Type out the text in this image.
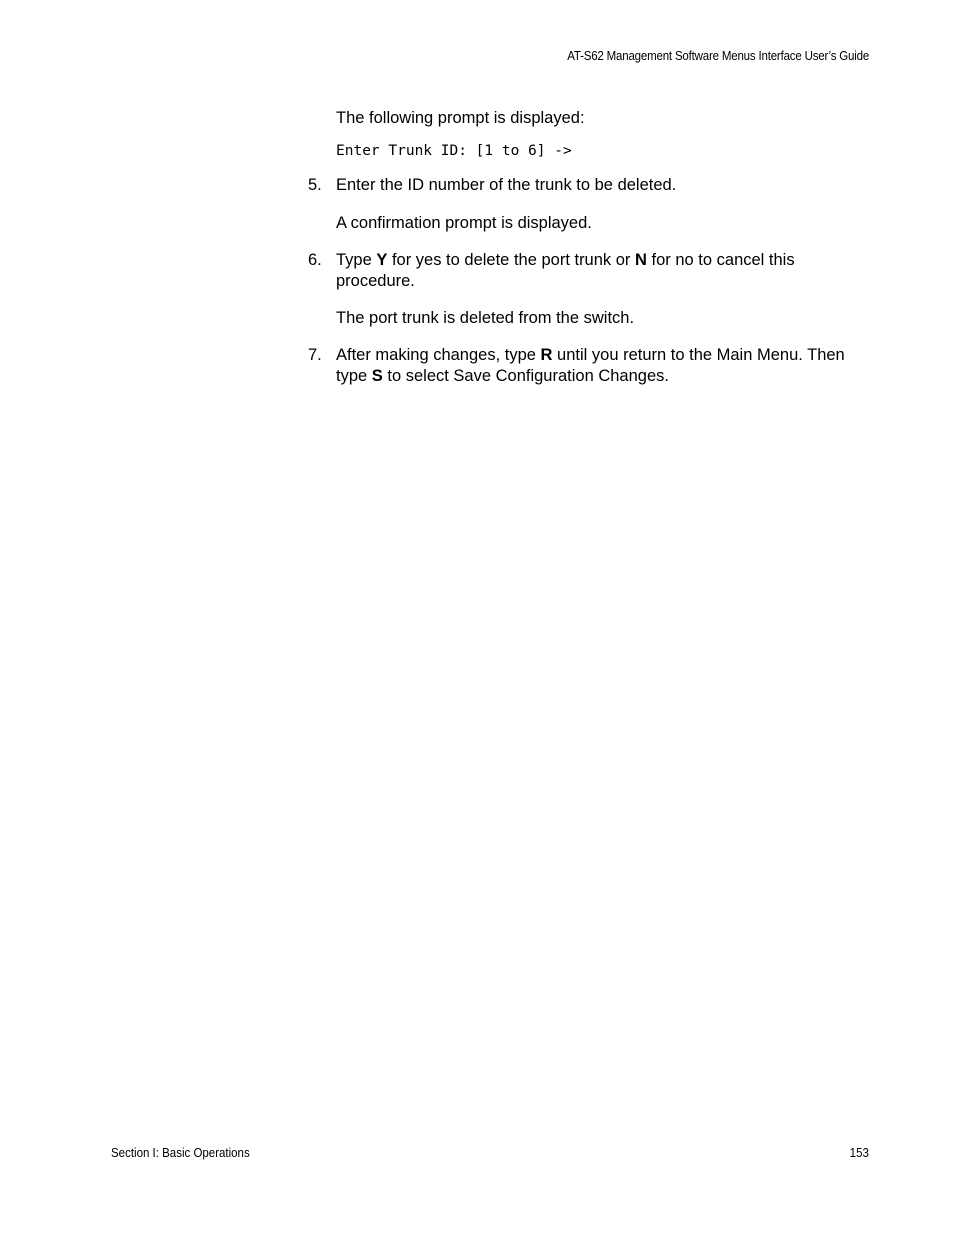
AT-S62 Management Software Menus Interface User’s Guide
The following prompt is displayed:
Enter Trunk ID: [1 to 6] ->
5. Enter the ID number of the trunk to be deleted.
A confirmation prompt is displayed.
6. Type Y for yes to delete the port trunk or N for no to cancel this procedure.
The port trunk is deleted from the switch.
7. After making changes, type R until you return to the Main Menu. Then type S to select Save Configuration Changes.
Section I: Basic Operations	153
